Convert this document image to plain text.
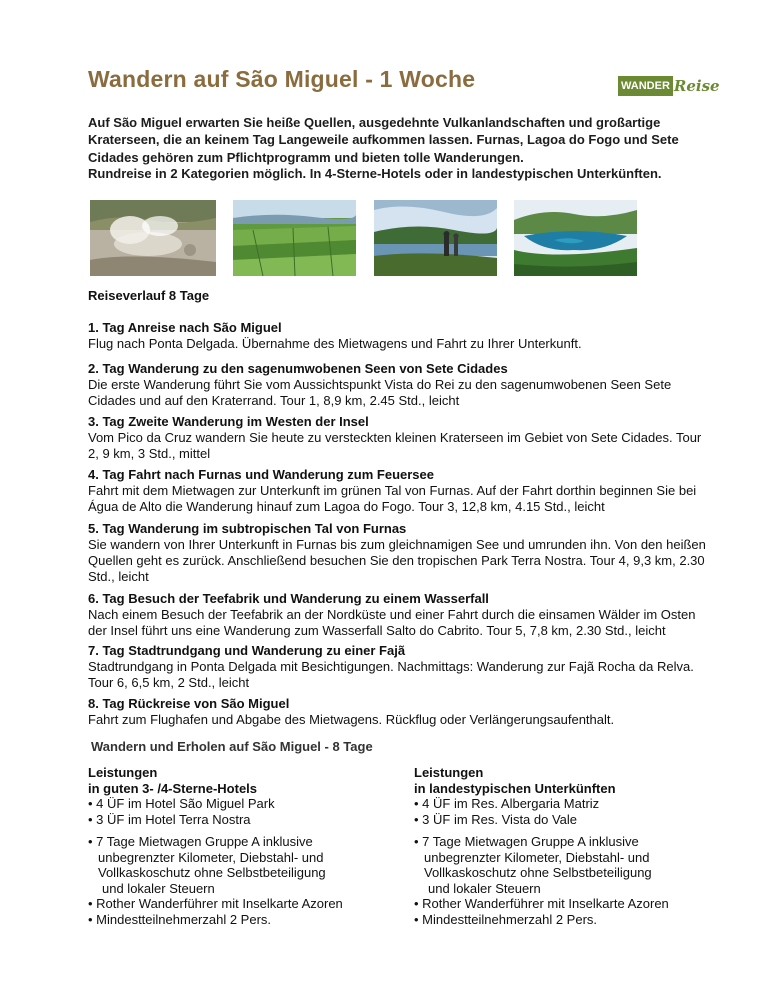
Wandern auf São Miguel - 1 Woche	WANDER Reise

Auf São Miguel erwarten Sie heiße Quellen, ausgedehnte Vulkanlandschaften und großartige Kraterseen, die an keinem Tag Langeweile aufkommen lassen. Furnas, Lagoa do Fogo und Sete Cidades gehören zum Pflichtprogramm und bieten tolle Wanderungen.

Rundreise in 2 Kategorien möglich. In 4-Sterne-Hotels oder in landestypischen Unterkünften.

Reiseverlauf 8 Tage

1. Tag Anreise nach São Miguel
Flug nach Ponta Delgada. Übernahme des Mietwagens und Fahrt zu Ihrer Unterkunft.
2. Tag Wanderung zu den sagenumwobenen Seen von Sete Cidades
Die erste Wanderung führt Sie vom Aussichtspunkt Vista do Rei zu den sagenumwobenen Seen Sete Cidades und auf den Kraterrand. Tour 1, 8,9 km, 2.45 Std., leicht
3. Tag Zweite Wanderung im Westen der Insel
Vom Pico da Cruz wandern Sie heute zu versteckten kleinen Kraterseen im Gebiet von Sete Cidades. Tour 2, 9 km, 3 Std., mittel
4. Tag Fahrt nach Furnas und Wanderung zum Feuersee
Fahrt mit dem Mietwagen zur Unterkunft im grünen Tal von Furnas. Auf der Fahrt dorthin beginnen Sie bei Água de Alto die Wanderung hinauf zum Lagoa do Fogo. Tour 3, 12,8 km, 4.15 Std., leicht
5. Tag Wanderung im subtropischen Tal von Furnas
Sie wandern von Ihrer Unterkunft in Furnas bis zum gleichnamigen See und umrunden ihn. Von den heißen Quellen geht es zurück. Anschließend besuchen Sie den tropischen Park Terra Nostra. Tour 4, 9,3 km, 2.30 Std., leicht
6. Tag Besuch der Teefabrik und Wanderung zu einem Wasserfall
Nach einem Besuch der Teefabrik an der Nordküste und einer Fahrt durch die einsamen Wälder im Osten der Insel führt uns eine Wanderung zum Wasserfall Salto do Cabrito. Tour 5, 7,8 km, 2.30 Std., leicht
7. Tag Stadtrundgang und Wanderung zu einer Fajã
Stadtrundgang in Ponta Delgada mit Besichtigungen. Nachmittags: Wanderung zur Fajã Rocha da Relva. Tour 6, 6,5 km, 2 Std., leicht
8. Tag Rückreise von São Miguel
Fahrt zum Flughafen und Abgabe des Mietwagens. Rückflug oder Verlängerungsaufenthalt.

Wandern und Erholen auf São Miguel - 8 Tage

Leistungen
in guten 3- /4-Sterne-Hotels
• 4 ÜF im Hotel São Miguel Park
• 3 ÜF im Hotel Terra Nostra
• 7 Tage Mietwagen Gruppe A inklusive
unbegrenzter Kilometer, Diebstahl- und
Vollkaskoschutz ohne Selbstbeteiligung
und lokaler Steuern
• Rother Wanderführer mit Inselkarte Azoren
• Mindestteilnehmerzahl 2 Pers.
Leistungen
in landestypischen Unterkünften
• 4 ÜF im Res. Albergaria Matriz
• 3 ÜF im Res. Vista do Vale
• 7 Tage Mietwagen Gruppe A inklusive
unbegrenzter Kilometer, Diebstahl- und
Vollkaskoschutz ohne Selbstbeteiligung
und lokaler Steuern
• Rother Wanderführer mit Inselkarte Azoren
• Mindestteilnehmerzahl 2 Pers.
